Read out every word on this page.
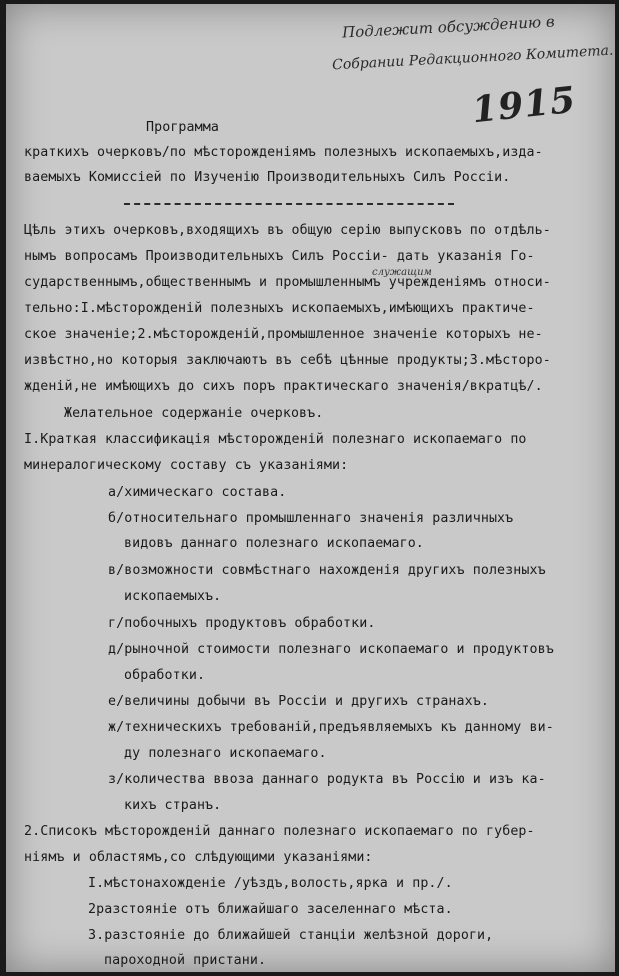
Подлежит обсуждению в
Собрании Редакционного Комитета.
1915
Программа
краткихъ очерковъ/по мѣсторожденіямъ полезныхъ ископаемыхъ,изда-
ваемыхъ Комиссіей по Изученію Производительныхъ Силъ Россіи.
Цѣль этихъ очерковъ,входящихъ въ общую серію выпусковъ по отдѣль-
нымъ вопросамъ Производительныхъ Силъ Россіи- дать указанія Го-
служащим
сударственнымъ,общественнымъ и промышленнымъ учрежденіямъ относи-
тельно:I.мѣсторожденій полезныхъ ископаемыхъ,имѣющихъ практиче-
ское значеніе;2.мѣсторожденій,промышленное значеніе которыхъ не-
извѣстно,но которыя заключаютъ въ себѣ цѣнные продукты;3.мѣсторо-
жденій,не имѣющихъ до сихъ поръ практическаго значенія/вкратцѣ/.
Желательное содержаніе очерковъ.
I.Краткая классификація мѣсторожденій полезнаго ископаемаго по
минералогическому составу съ указаніями:
а/химическаго состава.
б/относительнаго промышленнаго значенія различныхъ
видовъ даннаго полезнаго ископаемаго.
в/возможности совмѣстнаго нахожденія другихъ полезныхъ
ископаемыхъ.
г/побочныхъ продуктовъ обработки.
д/рыночной стоимости полезнаго ископаемаго и продуктовъ
обработки.
е/величины добычи въ Россіи и другихъ странахъ.
ж/техническихъ требованій,предъявляемыхъ къ данному ви-
ду полезнаго ископаемаго.
з/количества ввоза даннаго родукта въ Россію и изъ ка-
кихъ странъ.
2.Списокъ мѣсторожденій даннаго полезнаго ископаемаго по губер-
ніямъ и областямъ,со слѣдующими указаніями:
I.мѣстонахожденіе /уѣздъ,волость,ярка и пр./.
2разстояніе отъ ближайшаго заселеннаго мѣста.
3.разстояніе до ближайшей станціи желѣзной дороги,
пароходной пристани.
